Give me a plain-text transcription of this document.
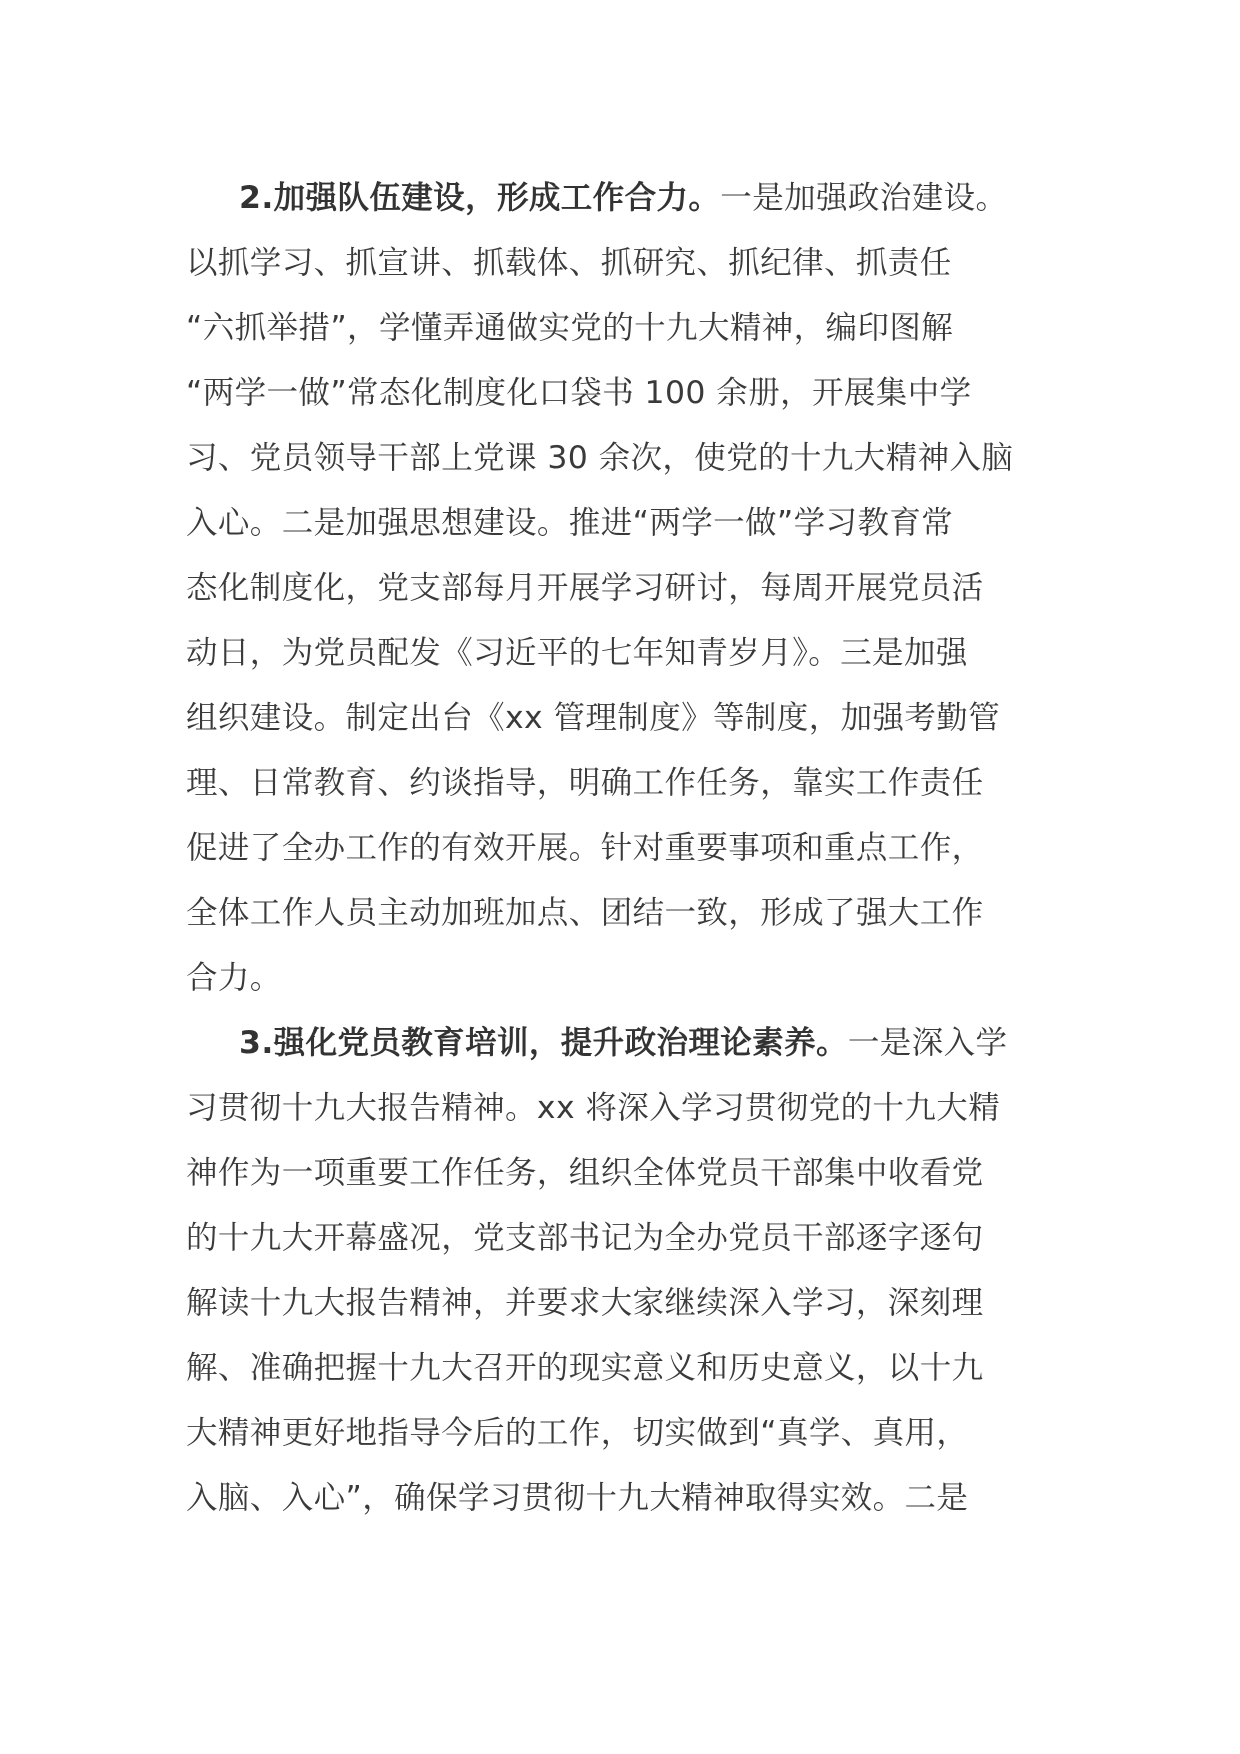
2.加强队伍建设，形成工作合力。一是加强政治建设。
以抓学习、抓宣讲、抓载体、抓研究、抓纪律、抓责任
“六抓举措”，学懂弄通做实党的十九大精神，编印图解
“两学一做”常态化制度化口袋书 100 余册，开展集中学
习、党员领导干部上党课 30 余次，使党的十九大精神入脑
入心。二是加强思想建设。推进“两学一做”学习教育常
态化制度化，党支部每月开展学习研讨，每周开展党员活
动日，为党员配发《习近平的七年知青岁月》。三是加强
组织建设。制定出台《xx 管理制度》等制度，加强考勤管
理、日常教育、约谈指导，明确工作任务，靠实工作责任
促进了全办工作的有效开展。针对重要事项和重点工作，
全体工作人员主动加班加点、团结一致，形成了强大工作
合力。
3.强化党员教育培训，提升政治理论素养。一是深入学
习贯彻十九大报告精神。xx 将深入学习贯彻党的十九大精
神作为一项重要工作任务，组织全体党员干部集中收看党
的十九大开幕盛况，党支部书记为全办党员干部逐字逐句
解读十九大报告精神，并要求大家继续深入学习，深刻理
解、准确把握十九大召开的现实意义和历史意义，以十九
大精神更好地指导今后的工作，切实做到“真学、真用，
入脑、入心”，确保学习贯彻十九大精神取得实效。二是
